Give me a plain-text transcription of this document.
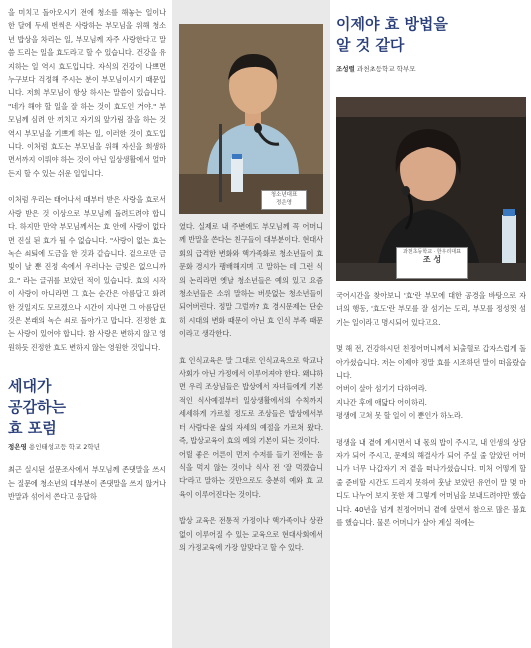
을 미치고 돌아오시기 전에 청소를 해놓는 일이나 한 달에 두세 번씩은 사랑하는 부모님을 위해 청소년 밥상을 차리는 일, 부모님께 자주 사랑한다고 말씀 드리는 일을 효도라고 할 수 있습니다. 건강을 유지하는 일 역시 효도입니다. 자식의 건강이 나쁘면 누구보다 걱정해 주시는 분이 부모님이시기 때문입니다. 저희 부모님이 항상 하시는 말씀이 있습니다. "네가 해야 할 일을 잘 하는 것이 효도인 거야." 부모님께 심려 안 끼치고 자기의 앞가림 잘을 하는 것 역시 부모님을 기쁘게 하는 일, 이러한 것이 효도입니다. 이처럼 효도는 부모님을 위해 자신을 희생하면서까지 이뤄야 하는 것이 아닌 일상생활에서 얼마든지 할 수 있는 쉬운 일입니다.

이처럼 우리는 태어나서 때부터 받은 사랑을 효로서 사랑 받은 것 이상으로 부모님께 돌려드려야 합니다. 하지만 만약 부모님께서는 효 안에 사랑이 없다면 진실 된 효가 될 수 없습니다. "사랑이 없는 효는 녹슨 쇠퇴에 도금을 한 것과 같습니다. 겉으로만 금빛이 날 뿐 진정 속에서 우러나는 금빛은 없으니까요." 라는 글귀를 보았던 적이 있습니다. 효의 시작이 사랑이 아니라면 그 효는 순간은 아름답고 화려한 것일지도 모르겠으나 시간이 지나면 그 아름답던 것은 본래의 녹슨 쇠로 돌아가고 맙니다. 진정한 효는 사랑이 있어야 합니다. 참 사랑은 변하지 않고 영원하듯 진정한 효도 변하지 않는 영원한 것입니다.

세대가
공감하는
효 포럼

정은영 용인태성고등 학교 2학년

최근 실시된 설문조사에서 부모님께 존댓말을 쓰시는 질문에 청소년의 대부분이 존댓말을 쓰지 않거나 반말과 섞어서 쓴다고 응답하

청소년대표
정은영

였다. 실제로 내 주변에도 부모님께 꼭 어머니께 반말을 쓴다는 친구들이 대부분이다. 현대사회의 급격한 변화와 핵가족화로 청소년들이 효 문화 경시가 팽배해지며 고 말하는 데 그런 식의 논리라면 옛날 청소년들은 예의 있고 요즘 청소년들은 소위 말하는 버릇없는 청소년들이 되어버린다. 정말 그럴까? 효 경시문제는 단순히 시대의 변화 때문이 아닌 효 인식 부족 때문이라고 생각한다.

효 인식교육은 말 그대로 인식교육으로 학교나 사회가 아닌 가정에서 이루어져야 한다. 왜냐하면 우리 조상님들은 밥상에서 자녀들에게 기본적인 식사예절부터 일상생활에서의 수칙까지 세세하게 가르칠 정도로 조상들은 밥상에서부터 사람다운 삶의 자세의 예절을 가르쳐 왔다. 즉, 밥상교육이 효의 예의 기본이 되는 것이다.

어릴 좋은 어른이 먼저 수저를 들기 전에는 음식을 먹지 않는 것이나 식사 전 '잘 먹겠습니다'라고 말하는 것만으로도 충분히 예와 효 교육이 이루어진다는 것이다.

밥상 교육은 전통적 가정이나 핵가족이나 상관없이 이루어질 수 있는 교육으로 현대사회에서의 가정교육에 가장 알맞다고 할 수 있다.

이제야 효 방법을
알 것 같다

조성렬 과천초등학교 학부모

과천초등학교 · 한우리대표
조 성

국어시간을 찾아보니 '효'란 부모에 대한 공경을 바탕으로 자녀의 행동, '효도'란 부모를 잘 섬기는 도리, 부모를 정성껏 섬기는 일이라고 명시되어 있다고요.

몇 해 전, 건강하시던 친정어머니께서 뇌출혈로 갑자스럽게 돌아가셨습니다. 저는 이제야 정말 효를 시조하던 말이 떠올랐습니다.

어버이 살아 섬기기 다하여라.

지나간 후에 애닯다 어이하리.

평생에 고쳐 못 할 일이 이 뿐인가 하노라.

평생을 내 곁에 계시면서 내 몫의 밥이 주시고, 내 인생의 상담자가 되어 주시고, 문제의 해결사가 되어 주실 줄 알았던 어머니가 너무 나갑자기 저 곁을 떠나가셨습니다. 미처 어떻게 할 줄 준비할 시간도 드리지 못하여 훗날 보았던 유언이 말 몇 마디도 나누어 보지 못한 채 그렇게 어머님을 보내드려야만 했습니다. 40년을 넘게 친정어머니 곁에 살면서 참으로 많은 불효를 했습니다. 물론 어머니가 살아 계실 적에는
